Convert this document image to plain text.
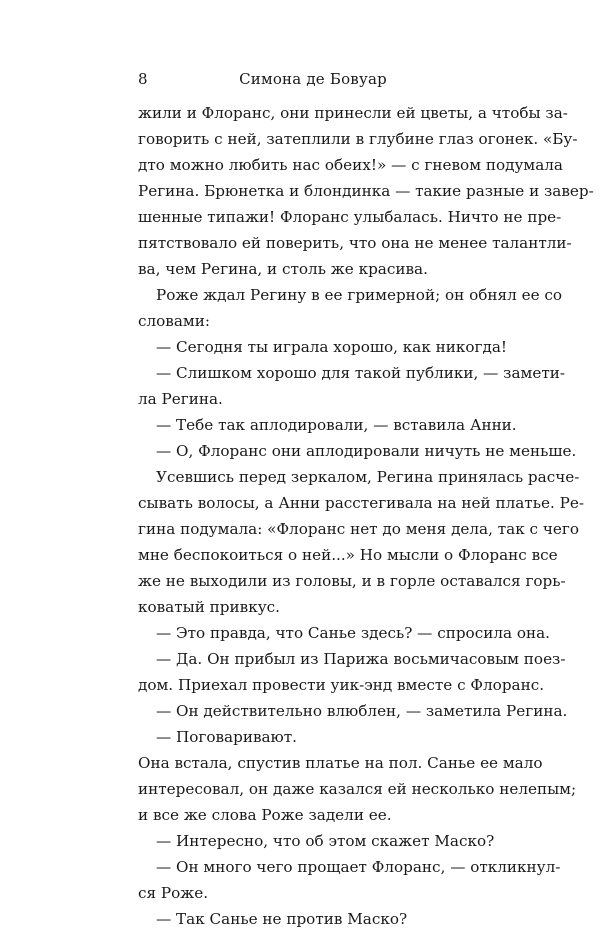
8	Симона де Бовуар
жили и Флоранс, они принесли ей цветы, а чтобы за-
говорить с ней, затеплили в глубине глаз огонек. «Бу-
дто можно любить нас обеих!» — с гневом подумала
Регина. Брюнетка и блондинка — такие разные и завер-
шенные типажи! Флоранс улыбалась. Ничто не пре-
пятствовало ей поверить, что она не менее талантли-
ва, чем Регина, и столь же красива.
Роже ждал Регину в ее гримерной; он обнял ее со
словами:
— Сегодня ты играла хорошо, как никогда!
— Слишком хорошо для такой публики, — замети-
ла Регина.
— Тебе так аплодировали, — вставила Анни.
— О, Флоранс они аплодировали ничуть не меньше.
Усевшись перед зеркалом, Регина принялась расче-
сывать волосы, а Анни расстегивала на ней платье. Ре-
гина подумала: «Флоранс нет до меня дела, так с чего
мне беспокоиться о ней...» Но мысли о Флоранс все
же не выходили из головы, и в горле оставался горь-
коватый привкус.
— Это правда, что Санье здесь? — спросила она.
— Да. Он прибыл из Парижа восьмичасовым поез-
дом. Приехал провести уик-энд вместе с Флоранс.
— Он действительно влюблен, — заметила Регина.
— Поговаривают.
Она встала, спустив платье на пол. Санье ее мало
интересовал, он даже казался ей несколько нелепым;
и все же слова Роже задели ее.
— Интересно, что об этом скажет Маско?
— Он много чего прощает Флоранс, — откликнул-
ся Роже.
— Так Санье не против Маско?
